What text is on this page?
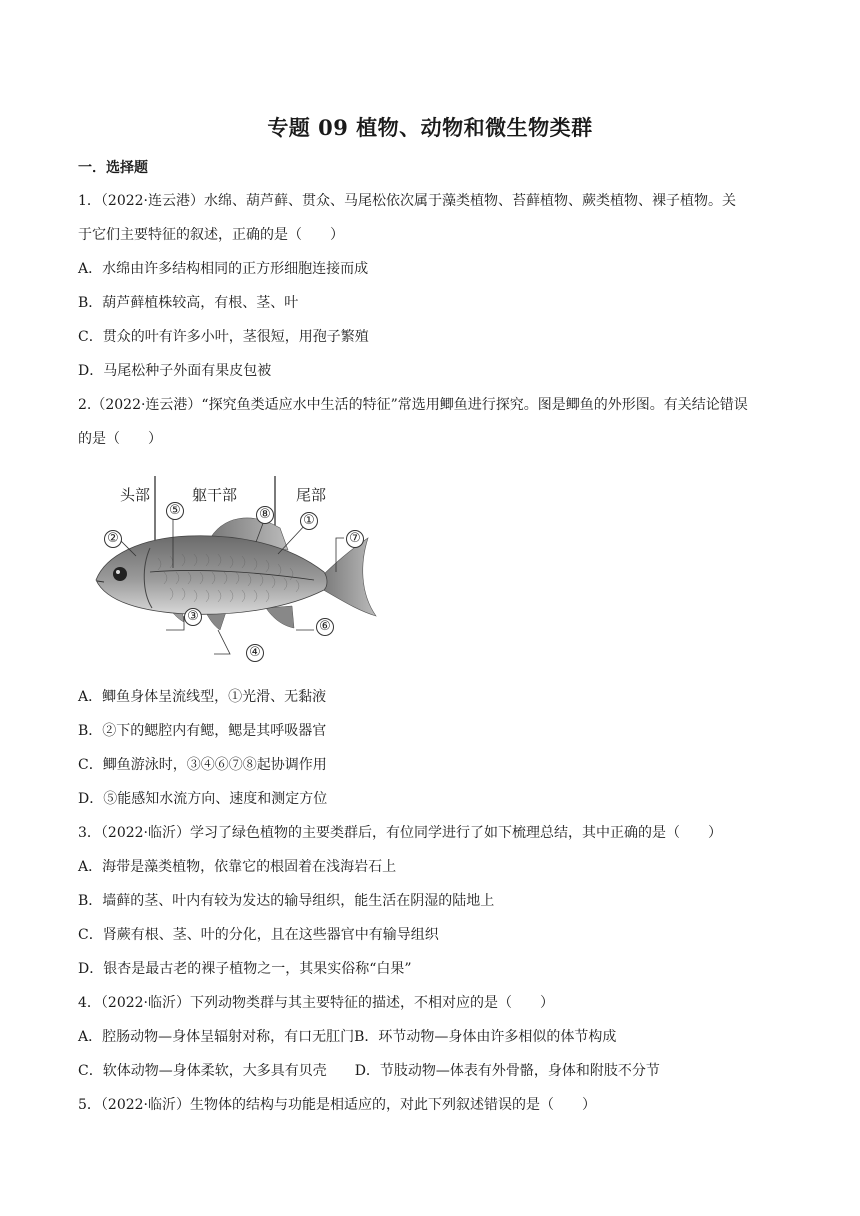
专题 09 植物、动物和微生物类群
一．选择题
1．（2022·连云港）水绵、葫芦藓、贯众、马尾松依次属于藻类植物、苔藓植物、蕨类植物、裸子植物。关
于它们主要特征的叙述，正确的是（　　）
A．水绵由许多结构相同的正方形细胞连接而成
B．葫芦藓植株较高，有根、茎、叶
C．贯众的叶有许多小叶，茎很短，用孢子繁殖
D．马尾松种子外面有果皮包被
2.（2022·连云港）“探究鱼类适应水中生活的特征”常选用鲫鱼进行探究。图是鲫鱼的外形图。有关结论错误
的是（　　）
头部	躯干部	尾部
②
⑤	⑧ ①
⑦
③
⑥
④
A．鲫鱼身体呈流线型，①光滑、无黏液
B．②下的鳃腔内有鳃，鳃是其呼吸器官
C．鲫鱼游泳时，③④⑥⑦⑧起协调作用
D．⑤能感知水流方向、速度和测定方位
3．（2022·临沂）学习了绿色植物的主要类群后，有位同学进行了如下梳理总结，其中正确的是（　　）
A．海带是藻类植物，依靠它的根固着在浅海岩石上
B．墙藓的茎、叶内有较为发达的输导组织，能生活在阴湿的陆地上
C．肾蕨有根、茎、叶的分化，且在这些器官中有输导组织
D．银杏是最古老的裸子植物之一，其果实俗称“白果”
4．（2022·临沂）下列动物类群与其主要特征的描述，不相对应的是（　　）
A．腔肠动物—身体呈辐射对称，有口无肛门B．环节动物—身体由许多相似的体节构成
C．软体动物—身体柔软，大多具有贝壳　　D．节肢动物—体表有外骨骼，身体和附肢不分节
5．（2022·临沂）生物体的结构与功能是相适应的，对此下列叙述错误的是（　　）
